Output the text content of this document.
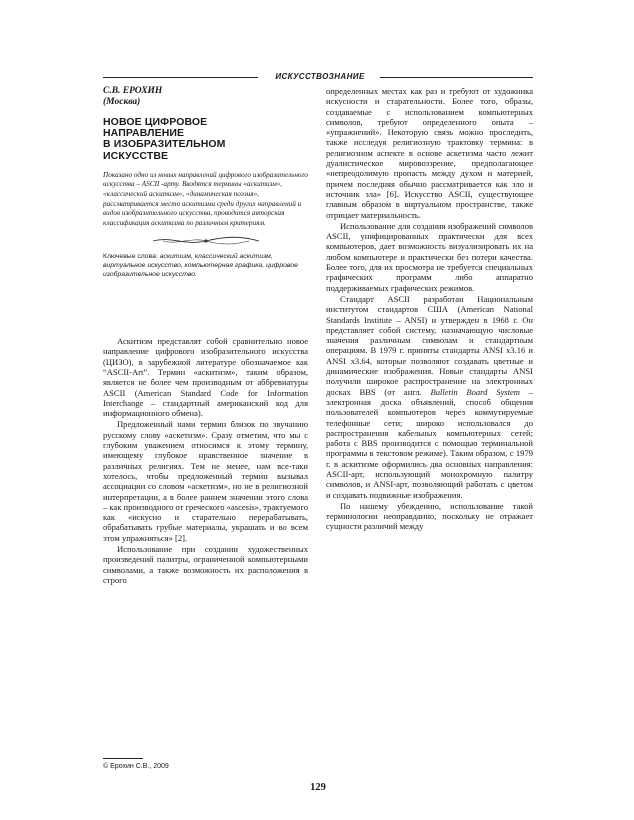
ИСКУССТВОЗНАНИЕ
С.В. ЕРОХИН
(Москва)
НОВОЕ ЦИФРОВОЕ
НАПРАВЛЕНИЕ
В ИЗОБРАЗИТЕЛЬНОМ
ИСКУССТВЕ

Показано одно из новых направлений цифрового изобразительного искусства – ASCII -арту. Вводятся термины «аскитизм», «классический аскитизм», «динамическая поэзия», рассматривается место аскитизма среди других направлений и видов изобразительного искусства, проводится авторская классификация аскитизма по различным критериям.

Ключевые слова: аскитизм, классический аскитизм, виртуальное искусство, компьютерная графика, цифровое изобразительное искусство.

Аскитизм представлят собой сравнительно новое направление цифрового изобразительного искусства (ЦИЗО), в зарубежной литературе обозначаемое как “ASCII-Art”. Термин «аскитизм», таким образом, является не более чем производным от аббревиатуры ASCII (American Standard Code for Information Interchange – стандартный американский код для информационного обмена).

Предложенный нами термин близок по звучанию русскому слову «аскетизм». Сразу отметим, что мы с глубоким уважением относимся к этому термину, имеющему глубокое нравственное значение в различных религиях. Тем не менее, нам все-таки хотелось, чтобы предложенный термин вызывал ассоциации со словом «аскетизм», но не в религиозной интерпретации, а в более раннем значении этого слова – как производного от греческого «ascesis», трактуемого как «искусно и старательно перерабатывать, обрабатывать грубые материалы, украшать и во всем этом упражняться» [2].

Использование при создании художественных произведений палитры, ограниченной компьютерными символами, а также возможность их расположения в строго

определенных местах как раз и требуют от художника искусности и старательности. Более того, образы, создаваемые с использованием компьютерных символов, требуют определенного опыта – «упражнений». Некоторую связь можно проследить, также исследуя религиозную трактовку термина: в религиозном аспекте в основе аскетизма часто лежит дуалистическое мировоззрение, предполагающее «непреодолимую пропасть между духом и материей, причем последняя обычно рассматривается как зло и источник зла» [6]. Искусство ASCII, существующее главным образом в виртуальном пространстве, также отрицает материальность.

Использование для создания изображений символов ASCII, унифицированных практически для всех компьютеров, дает возможность визуализировать их на любом компьютере и практически без потери качества. Более того, для их просмотра не требуется специальных графических программ либо аппаратно поддерживаемых графических режимов.

Стандарт ASCII разработан Национальным институтом стандартов США (American National Standards Institute – ANSI) и утвержден в 1968 г. Он представляет собой систему, назначающую числовые значения различным символам и стандартным операциям. В 1979 г. приняты стандарты ANSI x3.16 и ANSI x3.64, которые позволяют создавать цветные и динамические изображения. Новые стандарты ANSI получили широкое распространение на электронных досках BBS (от англ. Bulletin Board System – электронная доска объявлений, способ общения пользователей компьютеров через коммутируемые телефонные сети; широко использовался до распространения кабельных компьютерных сетей; работа с BBS производится с помощью терминальной программы в текстовом режиме). Таким образом, с 1979 г. в аскитизме оформились два основных направления: ASCII-арт, использующий монохромную палитру символов, и ANSI-арт, позволяющий работать с цветом и создавать подвижные изображения.

По нашему убеждению, использование такой терминологии неоправданно, поскольку не отражает сущности различий между

© Ерохин С.В., 2009
129
